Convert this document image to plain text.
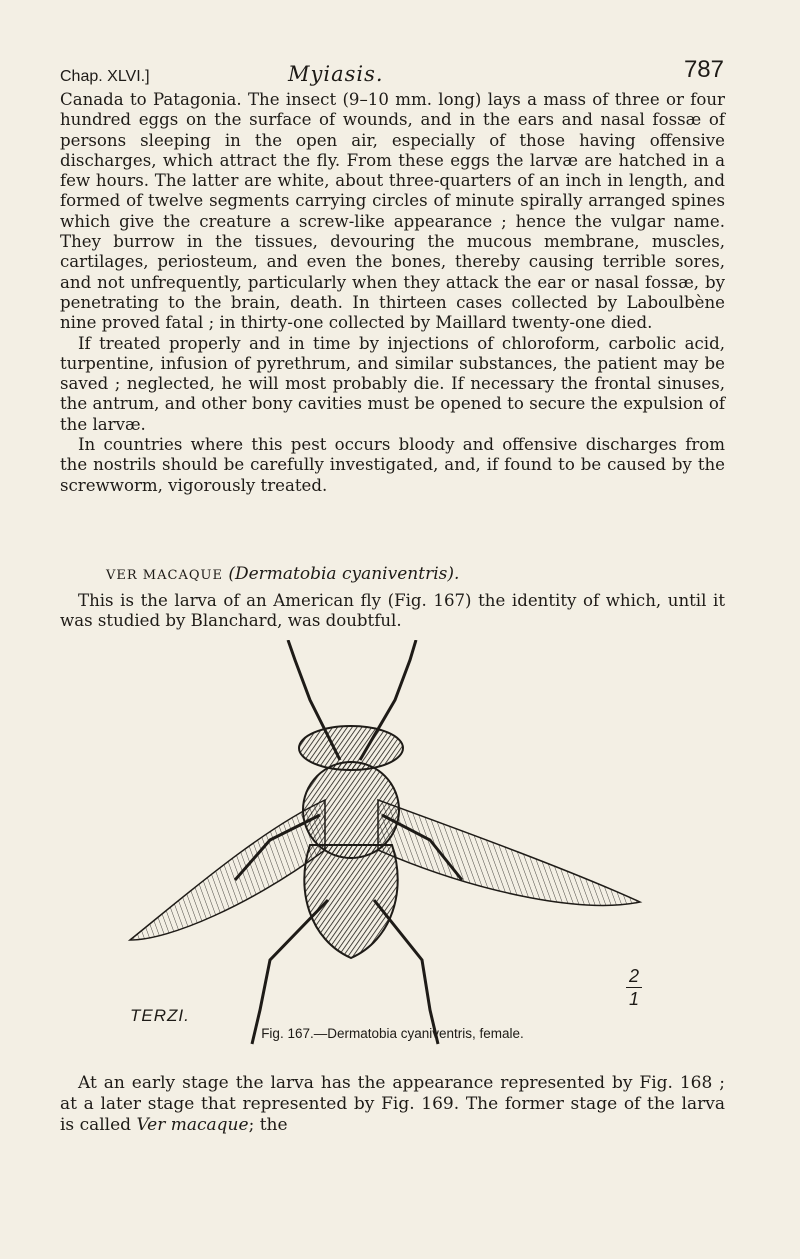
Chap. XLVI.]	Myiasis.	787

Canada to Patagonia. The insect (9–10 mm. long) lays a mass of three or four hundred eggs on the surface of wounds, and in the ears and nasal fossæ of persons sleeping in the open air, especially of those having offensive discharges, which attract the fly. From these eggs the larvæ are hatched in a few hours. The latter are white, about three-quarters of an inch in length, and formed of twelve segments carrying circles of minute spirally arranged spines which give the creature a screw-like appearance ; hence the vulgar name. They burrow in the tissues, devouring the mucous membrane, muscles, cartilages, periosteum, and even the bones, thereby causing terrible sores, and not unfrequently, particularly when they attack the ear or nasal fossæ, by penetrating to the brain, death. In thirteen cases collected by Laboulbène nine proved fatal ; in thirty-one collected by Maillard twenty-one died.

If treated properly and in time by injections of chloroform, carbolic acid, turpentine, infusion of pyrethrum, and similar substances, the patient may be saved ; neglected, he will most probably die. If necessary the frontal sinuses, the antrum, and other bony cavities must be opened to secure the expulsion of the larvæ.

In countries where this pest occurs bloody and offensive discharges from the nostrils should be carefully investigated, and, if found to be caused by the screwworm, vigorously treated.

VER MACAQUE (Dermatobia cyaniventris).

This is the larva of an American fly (Fig. 167) the identity of which, until it was studied by Blanchard, was doubtful.

2
1
TERZI.
Fig. 167.—Dermatobia cyaniventris, female.

At an early stage the larva has the appearance represented by Fig. 168 ; at a later stage that represented by Fig. 169. The former stage of the larva is called Ver macaque; the
